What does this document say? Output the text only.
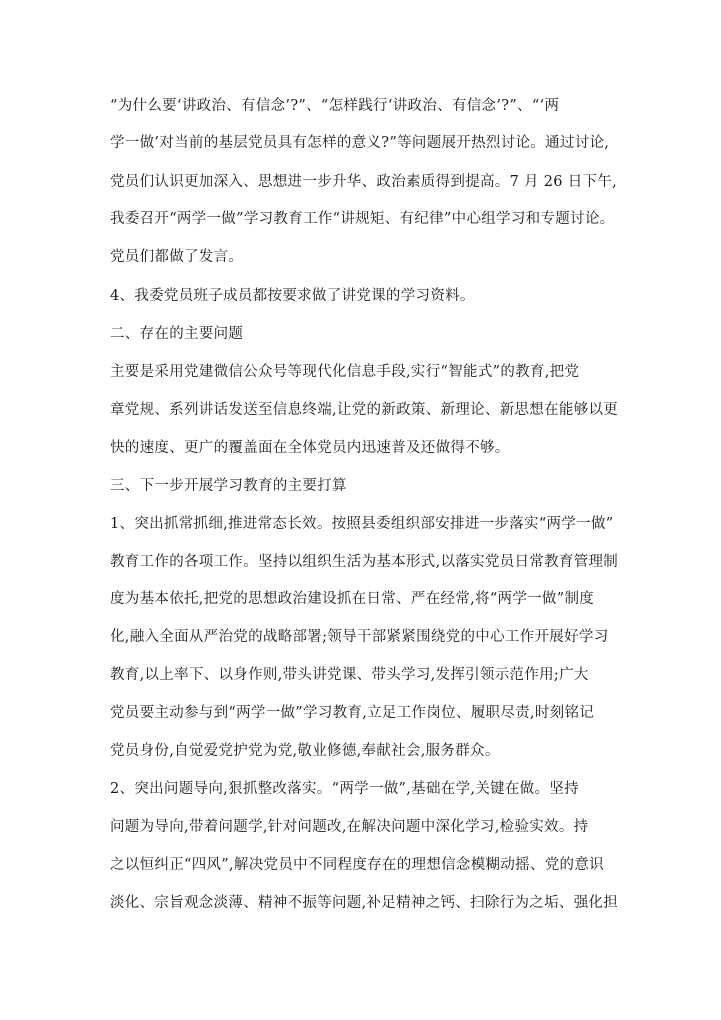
“为什么要‘讲政治、有信念’?”、“怎样践行‘讲政治、有信念’?”、“‘两
学一做’对当前的基层党员具有怎样的意义?”等问题展开热烈讨论。通过讨论,
党员们认识更加深入、思想进一步升华、政治素质得到提高。7 月 26 日下午,
我委召开“两学一做”学习教育工作“讲规矩、有纪律”中心组学习和专题讨论。
党员们都做了发言。
4、我委党员班子成员都按要求做了讲党课的学习资料。
二、存在的主要问题
主要是采用党建微信公众号等现代化信息手段,实行“智能式”的教育,把党
章党规、系列讲话发送至信息终端,让党的新政策、新理论、新思想在能够以更
快的速度、更广的覆盖面在全体党员内迅速普及还做得不够。
三、下一步开展学习教育的主要打算
1、突出抓常抓细,推进常态长效。按照县委组织部安排进一步落实“两学一做”
教育工作的各项工作。坚持以组织生活为基本形式,以落实党员日常教育管理制
度为基本依托,把党的思想政治建设抓在日常、严在经常,将“两学一做”制度
化,融入全面从严治党的战略部署;领导干部紧紧围绕党的中心工作开展好学习
教育,以上率下、以身作则,带头讲党课、带头学习,发挥引领示范作用;广大
党员要主动参与到“两学一做”学习教育,立足工作岗位、履职尽责,时刻铭记
党员身份,自觉爱党护党为党,敬业修德,奉献社会,服务群众。
2、突出问题导向,狠抓整改落实。“两学一做”,基础在学,关键在做。坚持
问题为导向,带着问题学,针对问题改,在解决问题中深化学习,检验实效。持
之以恒纠正“四风”,解决党员中不同程度存在的理想信念模糊动摇、党的意识
淡化、宗旨观念淡薄、精神不振等问题,补足精神之钙、扫除行为之垢、强化担
